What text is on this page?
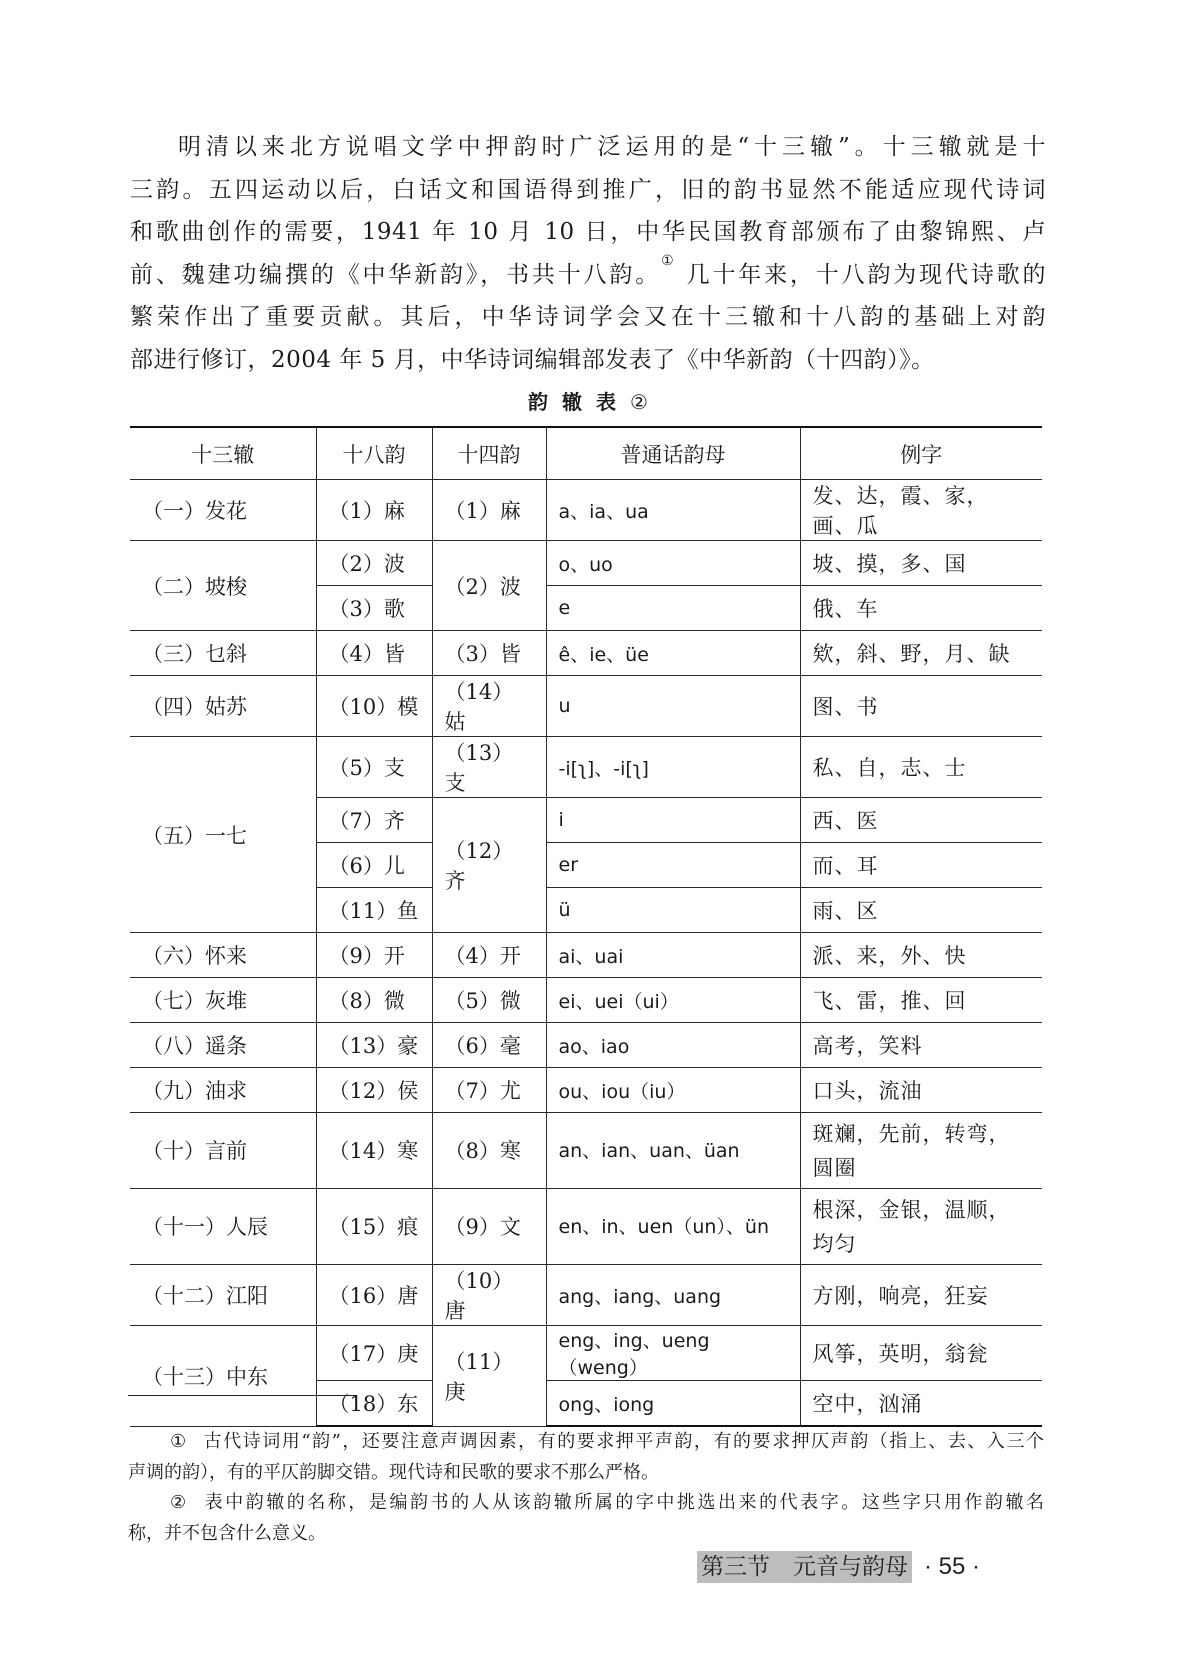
明清以来北方说唱文学中押韵时广泛运用的是“十三辙”。十三辙就是十
三韵。五四运动以后，白话文和国语得到推广，旧的韵书显然不能适应现代诗词
和歌曲创作的需要，1941 年 10 月 10 日，中华民国教育部颁布了由黎锦熙、卢
前、魏建功编撰的《中华新韵》，书共十八韵。① 几十年来，十八韵为现代诗歌的
繁荣作出了重要贡献。其后，中华诗词学会又在十三辙和十八韵的基础上对韵
部进行修订，2004 年 5 月，中华诗词编辑部发表了《中华新韵（十四韵）》。
韵辙表②
十三辙	十八韵	十四韵	普通话韵母	例字
（一）发花	（1）麻	（1）麻	a、ia、ua	发、达，霞、家，画、瓜
（二）坡梭	（2）波	（2）波	o、uo	坡、摸，多、国
	（3）歌		e	俄、车
（三）乜斜	（4）皆	（3）皆	ê、ie、üe	欸，斜、野，月、缺
（四）姑苏	（10）模	（14）姑	u	图、书
（五）一七	（5）支	（13）支	-i[ʅ]、-i[ʅ]	私、自，志、士
	（7）齐	（12）齐	i	西、医
	（6）儿		er	而、耳
	（11）鱼		ü	雨、区
（六）怀来	（9）开	（4）开	ai、uai	派、来，外、快
（七）灰堆	（8）微	（5）微	ei、uei（ui）	飞、雷，推、回
（八）遥条	（13）豪	（6）毫	ao、iao	高考，笑料
（九）油求	（12）侯	（7）尤	ou、iou（iu）	口头，流油
（十）言前	（14）寒	（8）寒	an、ian、uan、üan	斑斓，先前，转弯，圆圈
（十一）人辰	（15）痕	（9）文	en、in、uen（un）、ün	根深，金银，温顺，均匀
（十二）江阳	（16）唐	（10）唐	ang、iang、uang	方刚，响亮，狂妄
（十三）中东	（17）庚	（11）庚	eng、ing、ueng（weng）	风筝，英明，翁瓮
	（18）东		ong、iong	空中，汹涌
① 古代诗词用“韵”，还要注意声调因素，有的要求押平声韵，有的要求押仄声韵（指上、去、入三个
声调的韵），有的平仄韵脚交错。现代诗和民歌的要求不那么严格。
② 表中韵辙的名称，是编韵书的人从该韵辙所属的字中挑选出来的代表字。这些字只用作韵辙名
称，并不包含什么意义。
第三节　元音与韵母 · 55 ·
